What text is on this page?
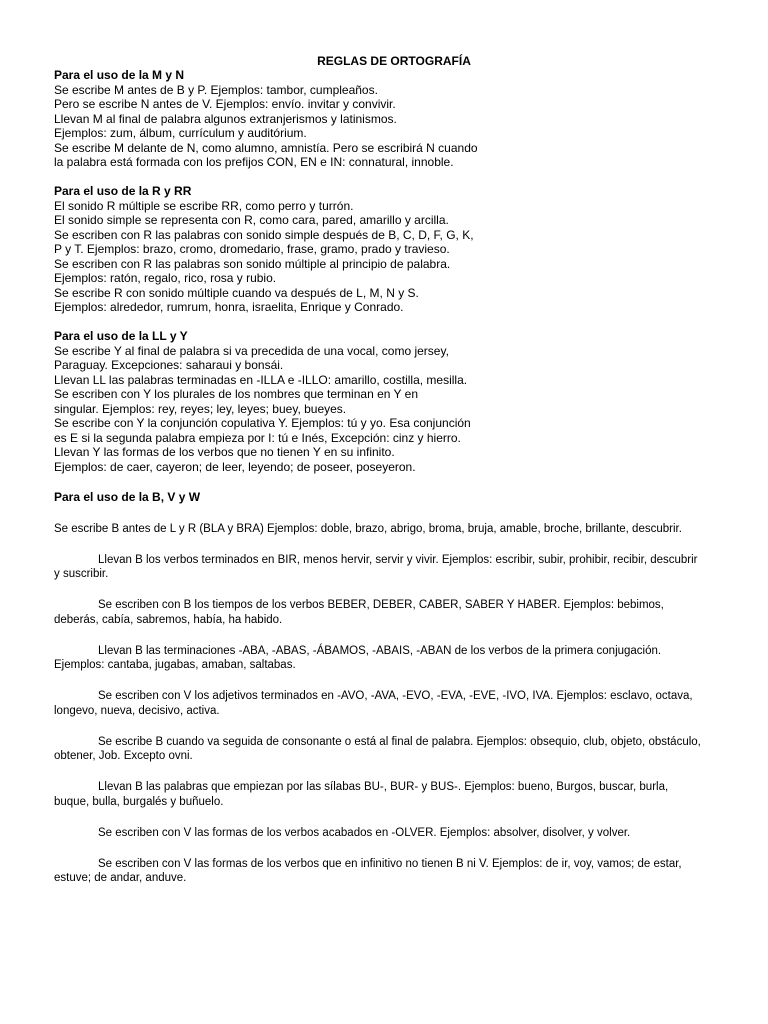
REGLAS DE ORTOGRAFÍA
Para el uso de la M y N
Se escribe M antes de B y P. Ejemplos: tambor, cumpleaños.
Pero se escribe N antes de V. Ejemplos: envío. invitar y convivir.
Llevan M al final de palabra algunos extranjerismos y latinismos.
Ejemplos: zum, álbum, currículum y auditórium.
Se escribe M delante de N, como alumno, amnistía. Pero se escribirá N cuando
la palabra está formada con los prefijos CON, EN e IN: connatural, innoble.
Para el uso de la R y RR
El sonido R múltiple se escribe RR, como perro y turrón.
El sonido simple se representa con R, como cara, pared, amarillo y arcilla.
Se escriben con R las palabras con sonido simple después de B, C, D, F, G, K,
P y T. Ejemplos: brazo, cromo, dromedario, frase, gramo, prado y travieso.
Se escriben con R las palabras son sonido múltiple al principio de palabra.
Ejemplos: ratón, regalo, rico, rosa y rubio.
Se escribe R con sonido múltiple cuando va después de L, M, N y S.
Ejemplos: alrededor, rumrum, honra, israelita, Enrique y Conrado.
Para el uso de la LL y Y
Se escribe Y al final de palabra si va precedida de una vocal, como jersey,
Paraguay. Excepciones: saharaui y bonsái.
Llevan LL las palabras terminadas en -ILLA e -ILLO: amarillo, costilla, mesilla.
Se escriben con Y los plurales de los nombres que terminan en Y en
singular. Ejemplos: rey, reyes; ley, leyes; buey, bueyes.
Se escribe con Y la conjunción copulativa Y. Ejemplos: tú y yo. Esa conjunción
es E si la segunda palabra empieza por I: tú e Inés, Excepción: cinz y hierro.
Llevan Y las formas de los verbos que no tienen Y en su infinito.
Ejemplos: de caer, cayeron; de leer, leyendo; de poseer, poseyeron.
Para el uso de la B, V y W

Se escribe B antes de L y R (BLA y BRA) Ejemplos: doble, brazo, abrigo, broma, bruja, amable, broche, brillante, descubrir.

Llevan B los verbos terminados en BIR, menos hervir, servir y vivir. Ejemplos: escribir, subir, prohibir, recibir, descubrir y suscribir.

Se escriben con B los tiempos de los verbos BEBER, DEBER, CABER, SABER Y HABER. Ejemplos: bebimos, deberás, cabía, sabremos, había, ha habido.

Llevan B las terminaciones -ABA, -ABAS, -ÁBAMOS, -ABAIS, -ABAN de los verbos de la primera conjugación. Ejemplos: cantaba, jugabas, amaban, saltabas.

Se escriben con V los adjetivos terminados en -AVO, -AVA, -EVO, -EVA, -EVE, -IVO, IVA. Ejemplos: esclavo, octava, longevo, nueva, decisivo, activa.

Se escribe B cuando va seguida de consonante o está al final de palabra. Ejemplos: obsequio, club, objeto, obstáculo, obtener, Job. Excepto ovni.

Llevan B las palabras que empiezan por las sílabas BU-, BUR- y BUS-. Ejemplos: bueno, Burgos, buscar, burla, buque, bulla, burgalés y buñuelo.

Se escriben con V las formas de los verbos acabados en -OLVER. Ejemplos: absolver, disolver, y volver.

Se escriben con V las formas de los verbos que en infinitivo no tienen B ni V. Ejemplos: de ir, voy, vamos; de estar, estuve; de andar, anduve.
